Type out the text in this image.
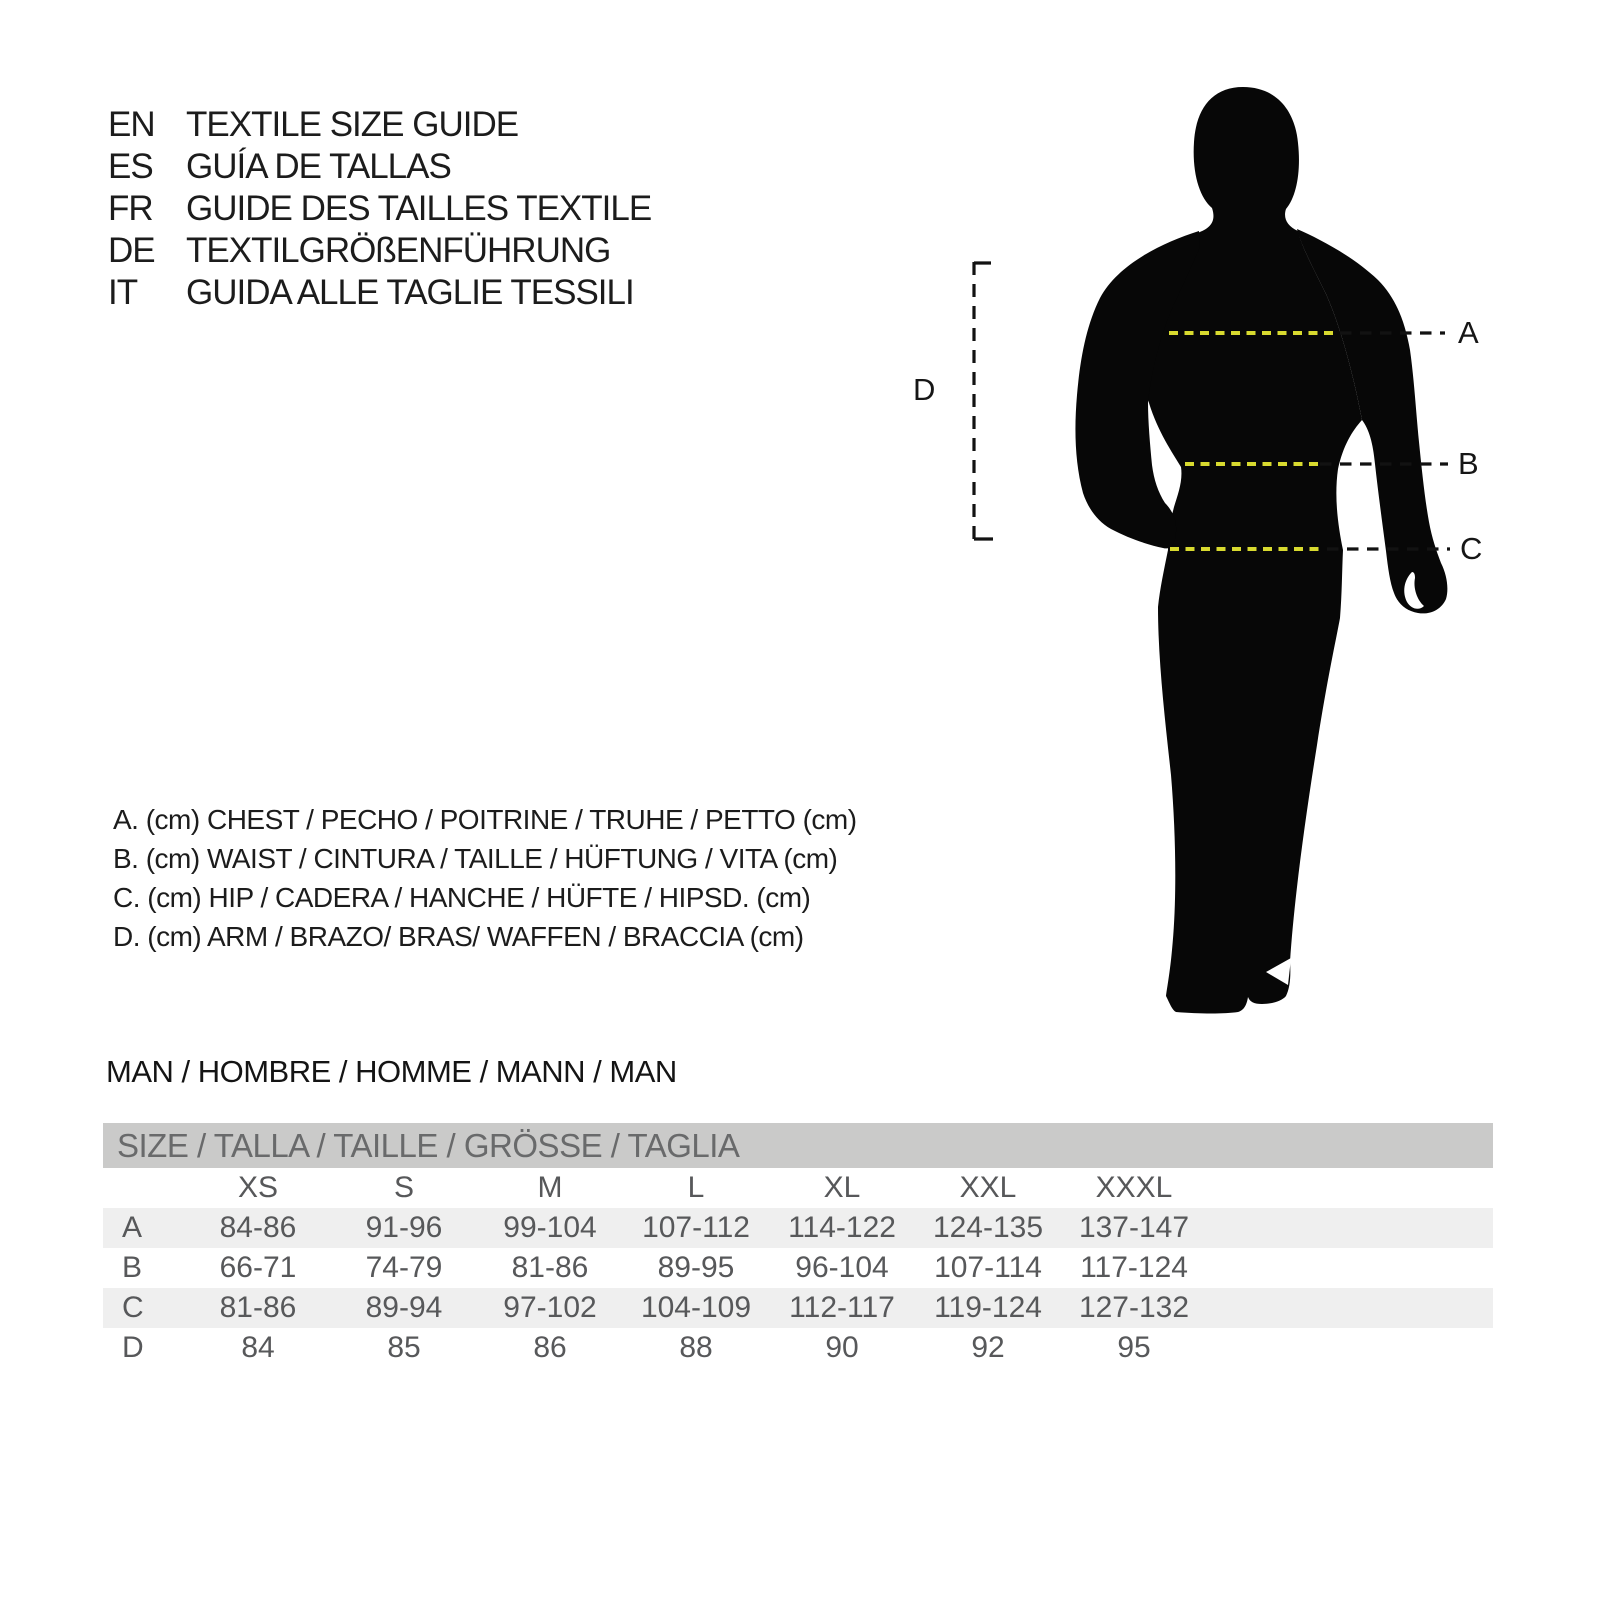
EN TEXTILE SIZE GUIDE
ES GUÍA DE TALLAS
FR GUIDE DES TAILLES TEXTILE
DE TEXTILGRÖßENFÜHRUNG
IT	GUIDA ALLE TAGLIE TESSILI
A
B
C
D
A. (cm) CHEST / PECHO / POITRINE / TRUHE / PETTO (cm)
B. (cm) WAIST / CINTURA / TAILLE / HÜFTUNG / VITA (cm)
C. (cm) HIP / CADERA / HANCHE / HÜFTE / HIPSD. (cm)
D. (cm) ARM / BRAZO/ BRAS/ WAFFEN / BRACCIA (cm)
MAN / HOMBRE / HOMME / MANN / MAN
SIZE / TALLA / TAILLE / GRÖSSE / TAGLIA
XS	S	M	L	XL	XXL	XXXL
A	84-86	91-96	99-104	107-112	114-122	124-135	137-147
B	66-71	74-79	81-86	89-95	96-104	107-114	117-124
C	81-86	89-94	97-102	104-109	112-117	119-124	127-132
D	84	85	86	88	90	92	95
